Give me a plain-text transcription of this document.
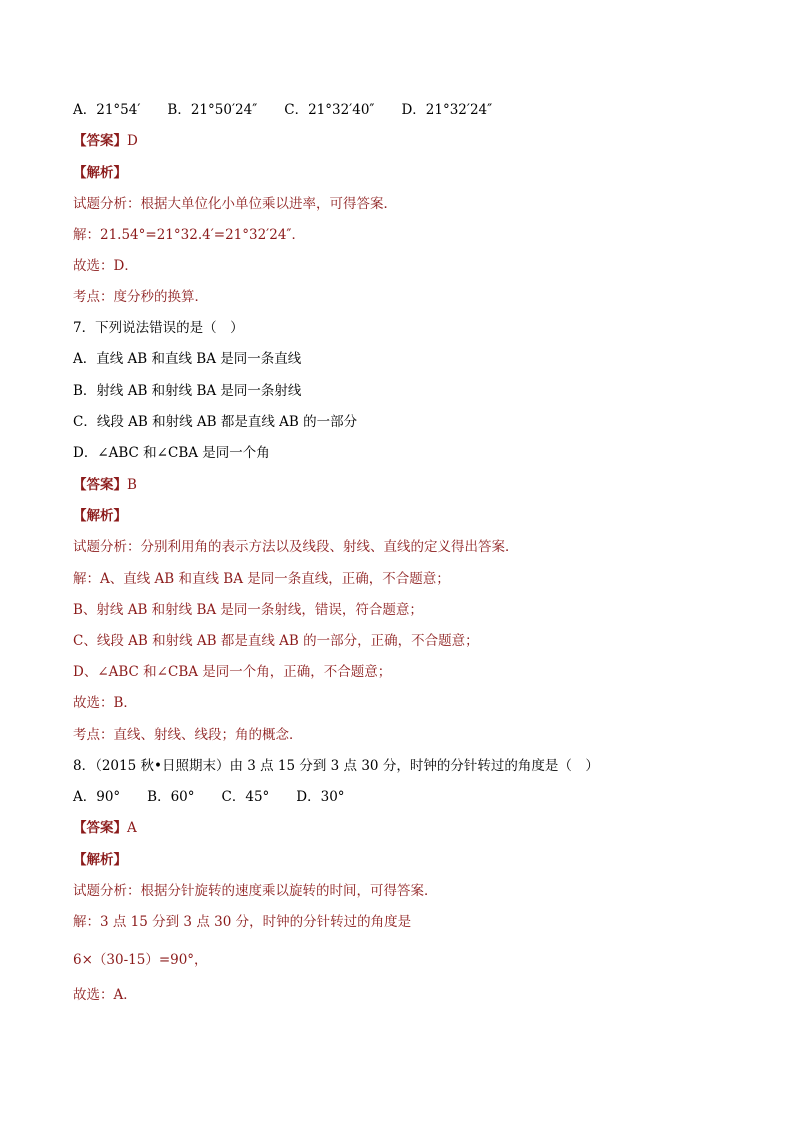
A．21°54′　　B．21°50′24″　　C．21°32′40″　　D．21°32′24″
【答案】D
【解析】
试题分析：根据大单位化小单位乘以进率，可得答案．
解：21.54°=21°32.4′=21°32′24″．
故选：D．
考点：度分秒的换算．
7．下列说法错误的是（　）
A．直线 AB 和直线 BA 是同一条直线
B．射线 AB 和射线 BA 是同一条射线
C．线段 AB 和射线 AB 都是直线 AB 的一部分
D．∠ABC 和∠CBA 是同一个角
【答案】B
【解析】
试题分析：分别利用角的表示方法以及线段、射线、直线的定义得出答案．
解：A、直线 AB 和直线 BA 是同一条直线，正确，不合题意；
B、射线 AB 和射线 BA 是同一条射线，错误，符合题意；
C、线段 AB 和射线 AB 都是直线 AB 的一部分，正确，不合题意；
D、∠ABC 和∠CBA 是同一个角，正确，不合题意；
故选：B．
考点：直线、射线、线段；角的概念．
8．（2015 秋•日照期末）由 3 点 15 分到 3 点 30 分，时钟的分针转过的角度是（　）
A．90°　　B．60°　　C．45°　　D．30°
【答案】A
【解析】
试题分析：根据分针旋转的速度乘以旋转的时间，可得答案．
解：3 点 15 分到 3 点 30 分，时钟的分针转过的角度是
6×（30-15）=90°，
故选：A．
